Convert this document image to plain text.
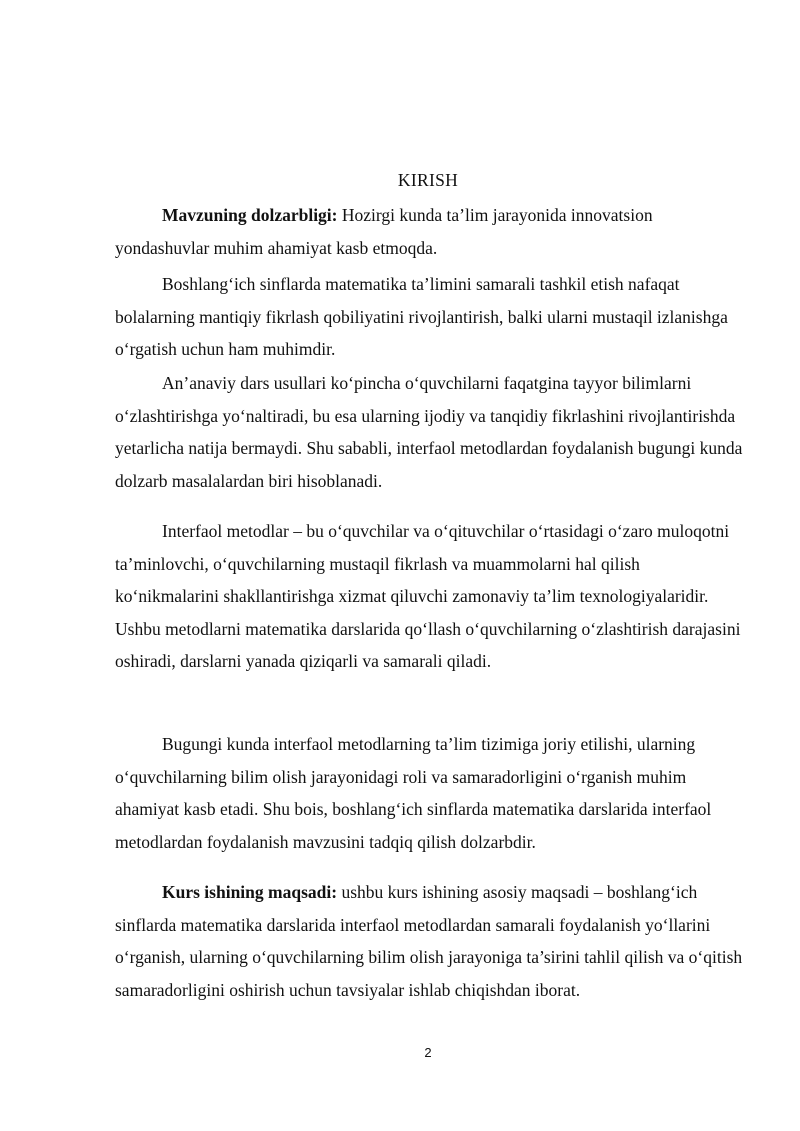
KIRISH

Mavzuning dolzarbligi: Hozirgi kunda ta’lim jarayonida innovatsion yondashuvlar muhim ahamiyat kasb etmoqda.

Boshlang‘ich sinflarda matematika ta’limini samarali tashkil etish nafaqat bolalarning mantiqiy fikrlash qobiliyatini rivojlantirish, balki ularni mustaqil izlanishga o‘rgatish uchun ham muhimdir.

An’anaviy dars usullari ko‘pincha o‘quvchilarni faqatgina tayyor bilimlarni o‘zlashtirishga yo‘naltiradi, bu esa ularning ijodiy va tanqidiy fikrlashini rivojlantirishda yetarlicha natija bermaydi. Shu sababli, interfaol metodlardan foydalanish bugungi kunda dolzarb masalalardan biri hisoblanadi.

Interfaol metodlar – bu o‘quvchilar va o‘qituvchilar o‘rtasidagi o‘zaro muloqotni ta’minlovchi, o‘quvchilarning mustaqil fikrlash va muammolarni hal qilish ko‘nikmalarini shakllantirishga xizmat qiluvchi zamonaviy ta’lim texnologiyalaridir. Ushbu metodlarni matematika darslarida qo‘llash o‘quvchilarning o‘zlashtirish darajasini oshiradi, darslarni yanada qiziqarli va samarali qiladi.

Bugungi kunda interfaol metodlarning ta’lim tizimiga joriy etilishi, ularning o‘quvchilarning bilim olish jarayonidagi roli va samaradorligini o‘rganish muhim ahamiyat kasb etadi. Shu bois, boshlang‘ich sinflarda matematika darslarida interfaol metodlardan foydalanish mavzusini tadqiq qilish dolzarbdir.

Kurs ishining maqsadi: ushbu kurs ishining asosiy maqsadi – boshlang‘ich sinflarda matematika darslarida interfaol metodlardan samarali foydalanish yo‘llarini o‘rganish, ularning o‘quvchilarning bilim olish jarayoniga ta’sirini tahlil qilish va o‘qitish samaradorligini oshirish uchun tavsiyalar ishlab chiqishdan iborat.

2
